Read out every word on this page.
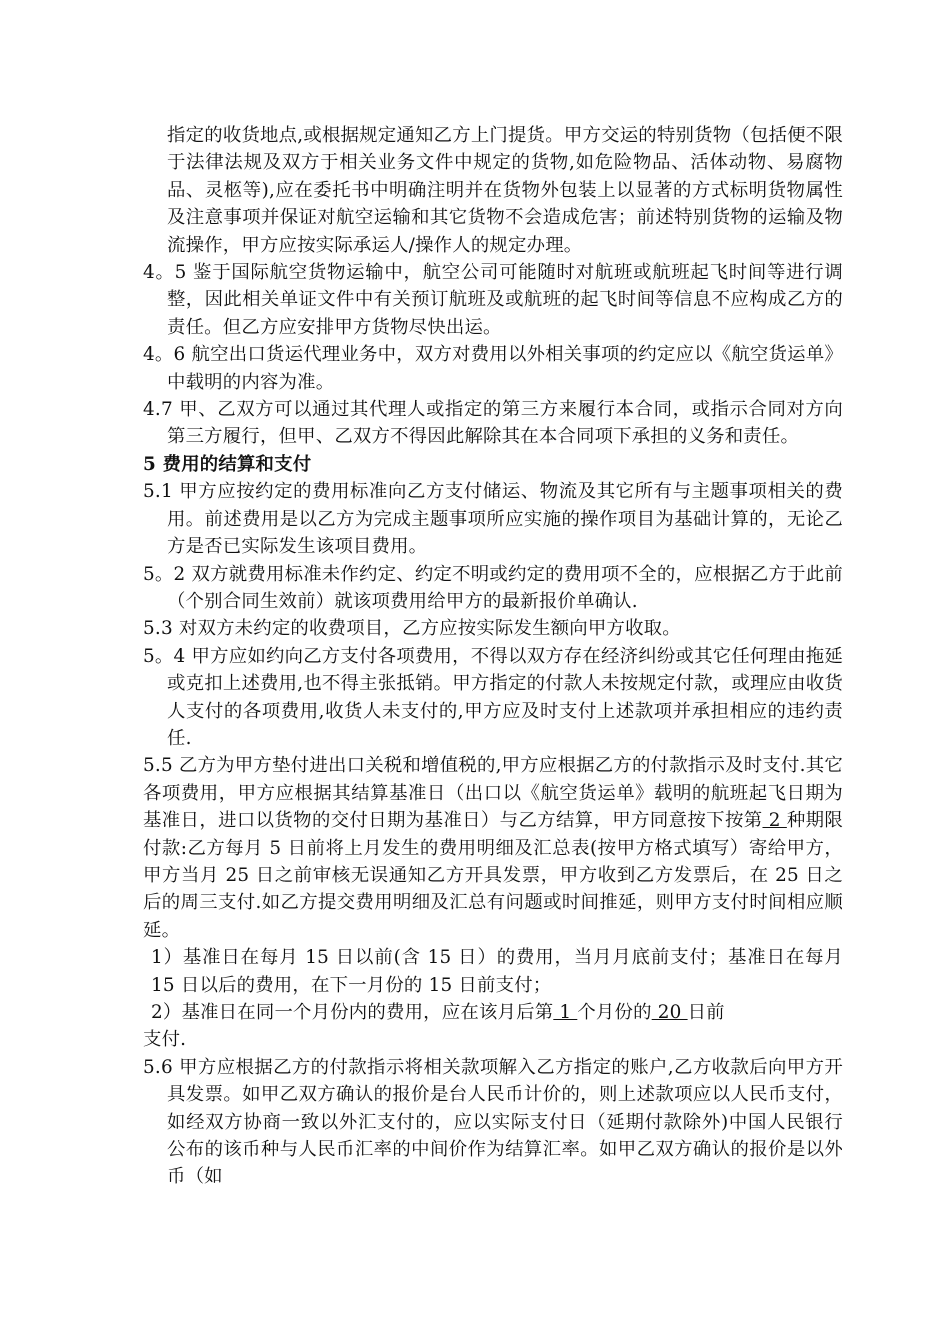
指定的收货地点,或根据规定通知乙方上门提货。甲方交运的特别货物（包括便不限于法律法规及双方于相关业务文件中规定的货物,如危险物品、活体动物、易腐物品、灵柩等),应在委托书中明确注明并在货物外包装上以显著的方式标明货物属性及注意事项并保证对航空运输和其它货物不会造成危害；前述特别货物的运输及物流操作，甲方应按实际承运人/操作人的规定办理。

4。5 鉴于国际航空货物运输中，航空公司可能随时对航班或航班起飞时间等进行调整，因此相关单证文件中有关预订航班及或航班的起飞时间等信息不应构成乙方的责任。但乙方应安排甲方货物尽快出运。

4。6 航空出口货运代理业务中，双方对费用以外相关事项的约定应以《航空货运单》中载明的内容为准。

4.7 甲、乙双方可以通过其代理人或指定的第三方来履行本合同，或指示合同对方向第三方履行，但甲、乙双方不得因此解除其在本合同项下承担的义务和责任。

5 费用的结算和支付

5.1 甲方应按约定的费用标准向乙方支付储运、物流及其它所有与主题事项相关的费用。前述费用是以乙方为完成主题事项所应实施的操作项目为基础计算的，无论乙方是否已实际发生该项目费用。

5。2 双方就费用标准未作约定、约定不明或约定的费用项不全的，应根据乙方于此前（个别合同生效前）就该项费用给甲方的最新报价单确认.

5.3 对双方未约定的收费项目，乙方应按实际发生额向甲方收取。

5。4 甲方应如约向乙方支付各项费用，不得以双方存在经济纠纷或其它任何理由拖延或克扣上述费用,也不得主张抵销。甲方指定的付款人未按规定付款，或理应由收货人支付的各项费用,收货人未支付的,甲方应及时支付上述款项并承担相应的违约责任.

5.5 乙方为甲方垫付进出口关税和增值税的,甲方应根据乙方的付款指示及时支付.其它各项费用，甲方应根据其结算基准日（出口以《航空货运单》载明的航班起飞日期为基准日，进口以货物的交付日期为基准日）与乙方结算，甲方同意按下按第 2 种期限付款:乙方每月 5 日前将上月发生的费用明细及汇总表(按甲方格式填写）寄给甲方，甲方当月 25 日之前审核无误通知乙方开具发票，甲方收到乙方发票后，在 25 日之后的周三支付.如乙方提交费用明细及汇总有问题或时间推延，则甲方支付时间相应顺延。

1）基准日在每月 15 日以前(含 15 日）的费用，当月月底前支付；基准日在每月 15 日以后的费用，在下一月份的 15 日前支付；

2）基准日在同一个月份内的费用，应在该月后第 1 个月份的 20 日前
支付.

5.6 甲方应根据乙方的付款指示将相关款项解入乙方指定的账户,乙方收款后向甲方开具发票。如甲乙双方确认的报价是台人民币计价的，则上述款项应以人民币支付，如经双方协商一致以外汇支付的，应以实际支付日（延期付款除外)中国人民银行公布的该币种与人民币汇率的中间价作为结算汇率。如甲乙双方确认的报价是以外币（如
